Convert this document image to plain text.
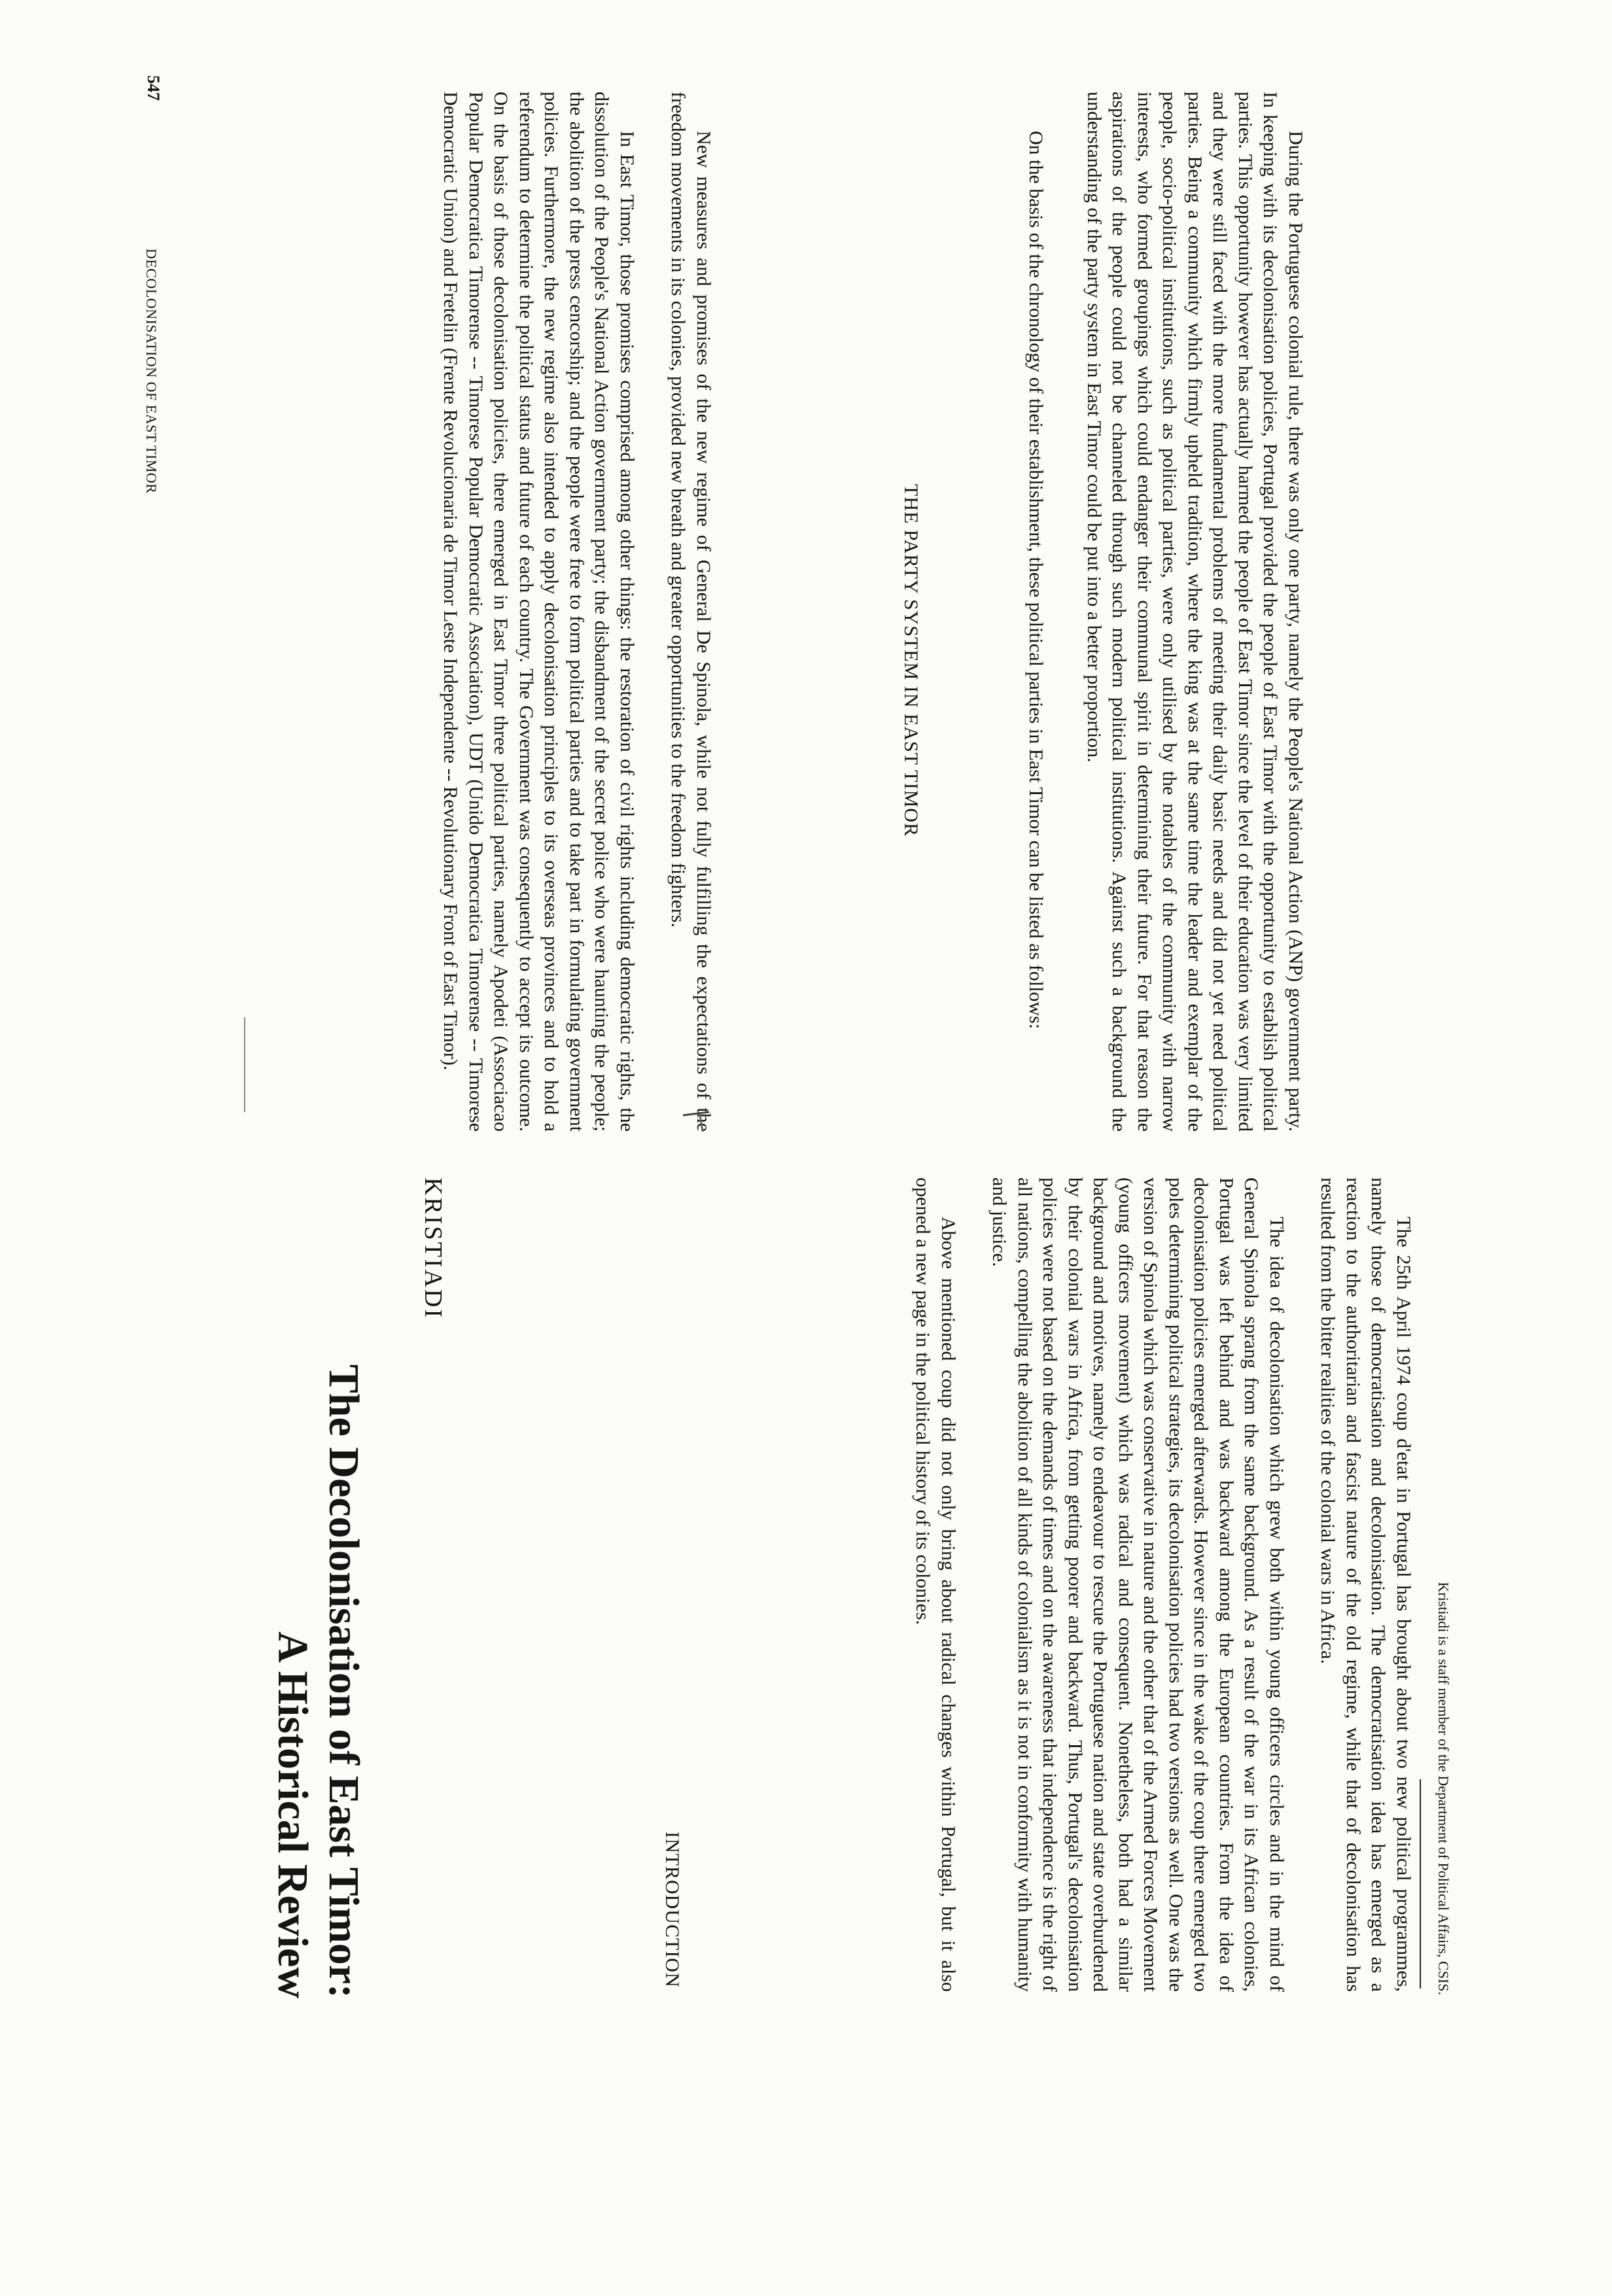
The Decolonisation of East Timor:
A Historical Review
KRISTIADI
INTRODUCTION	The 25th April 1974 coup d'etat in Portugal has brought about two new political programmes, namely those of democratisation and decolonisation. The democratisation idea has emerged as a reaction to the authoritarian and fascist nature of the old regime, while that of decolonisation has resulted from the bitter realities of the colonial wars in Africa.

The idea of decolonisation which grew both within young officers circles and in the mind of General Spinola sprang from the same background. As a result of the war in its African colonies, Portugal was left behind and was backward among the European countries. From the idea of decolonisation policies emerged afterwards. However since in the wake of the coup there emerged two poles determining political strategies, its decolonisation policies had two versions as well. One was the version of Spinola which was conservative in nature and the other that of the Armed Forces Movement (young officers movement) which was radical and consequent. Nonetheless, both had a similar background and motives, namely to endeavour to rescue the Portuguese nation and state overburdened by their colonial wars in Africa, from getting poorer and backward. Thus, Portugal's decolonisation policies were not based on the demands of times and on the awareness that independence is the right of all nations, compelling the abolition of all kinds of colonialism as it is not in conformity with humanity and justice.

Above mentioned coup did not only bring about radical changes within Portugal, but it also opened a new page in the political history of its colonies.

Kristiadi is a staff member of the Department of Political Affairs, CSIS.
DECOLONISATION OF EAST TIMOR
547

New measures and promises of the new regime of General De Spinola, while not fully fulfilling the expectations of the freedom movements in its colonies, provided new breath and greater opportunities to the freedom fighters.

In East Timor, those promises comprised among other things: the restoration of civil rights including democratic rights, the dissolution of the People's National Action government party; the disbandment of the secret police who were haunting the people; the abolition of the press cencorship; and the people were free to form political parties and to take part in formulating government policies. Furthermore, the new regime also intended to apply decolonisation principles to its overseas provinces and to hold a referendum to determine the political status and future of each country. The Government was consequently to accept its outcome. On the basis of those decolonisation policies, there emerged in East Timor three political parties, namely Apodeti (Associacao Popular Democratica Timorense -- Timorese Popular Democratic Association), UDT (Unido Democratica Timorense -- Timorese Democratic Union) and Fretelin (Frente Revolucionaria de Timor Leste Independente -- Revolutionary Front of East Timor).	THE PARTY SYSTEM IN EAST TIMOR	During the Portuguese colonial rule, there was only one party, namely the People's National Action (ANP) government party. In keeping with its decolonisation policies, Portugal provided the people of East Timor with the opportunity to establish political parties. This opportunity however has actually harmed the people of East Timor since the level of their education was very limited and they were still faced with the more fundamental problems of meeting their daily basic needs and did not yet need political parties. Being a community which firmly upheld tradition, where the king was at the same time the leader and exemplar of the people, socio-political institutions, such as political parties, were only utilised by the notables of the community with narrow interests, who formed groupings which could endanger their communal spirit in determining their future. For that reason the aspirations of the people could not be channeled through such modern political institutions. Against such a background the understanding of the party system in East Timor could be put into a better proportion.

On the basis of the chronology of their establishment, these political parties in East Timor can be listed as follows:
